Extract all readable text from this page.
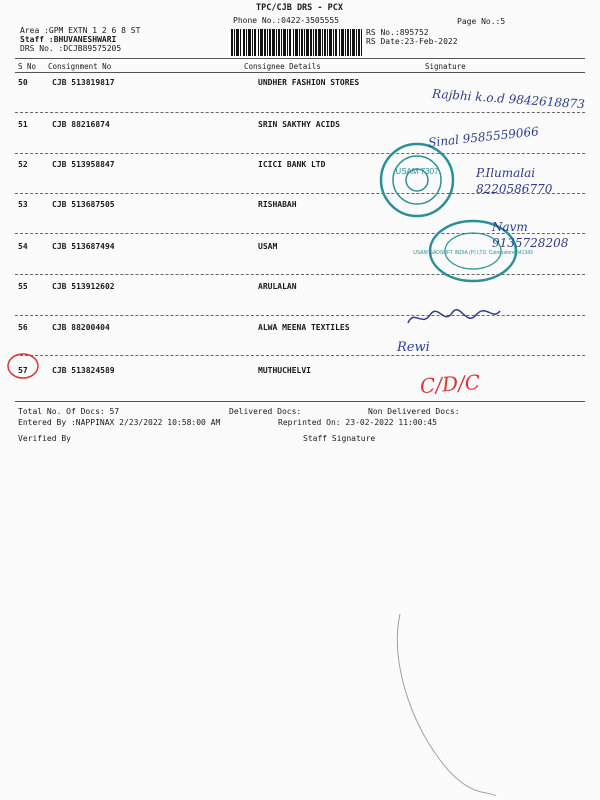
TPC/CJB DRS - PCX
Phone No.:0422-3505555	Page No.:5
Area :GPM EXTN 1 2 6 8 ST
Staff :BHUVANESHWARI
DRS No. :DCJB89575205
RS No.:895752
RS Date:23-Feb-2022
S No Consignment No	Consignee Details	Signature
50	CJB 513819817	UNDHER FASHION STORES
51	CJB 88216874	SRIN SAKTHY ACIDS
52	CJB 513958847	ICICI BANK LTD
53	CJB 513687505	RISHABAH
54	CJB 513687494	USAM
55	CJB 513912602	ARULALAN
56	CJB 88200404	ALWA MEENA TEXTILES
57	CJB 513824589	MUTHUCHELVI
Total No. Of Docs: 57	Delivered Docs:	Non Delivered Docs:
Entered By :NAPPINAX 2/23/2022 10:58:00 AM	Reprinted On: 23-02-2022 11:00:45
Verified By	Staff Signature
USAM 7307
USAM GADSOFT INDIA (P) LTD. Coimbatore 641343
Rajbhi k.o.d 9842618873
Sinal 9585559066
P.Ilumalai 8220586770
Navm 9135728208
Rewi
C/D/C
